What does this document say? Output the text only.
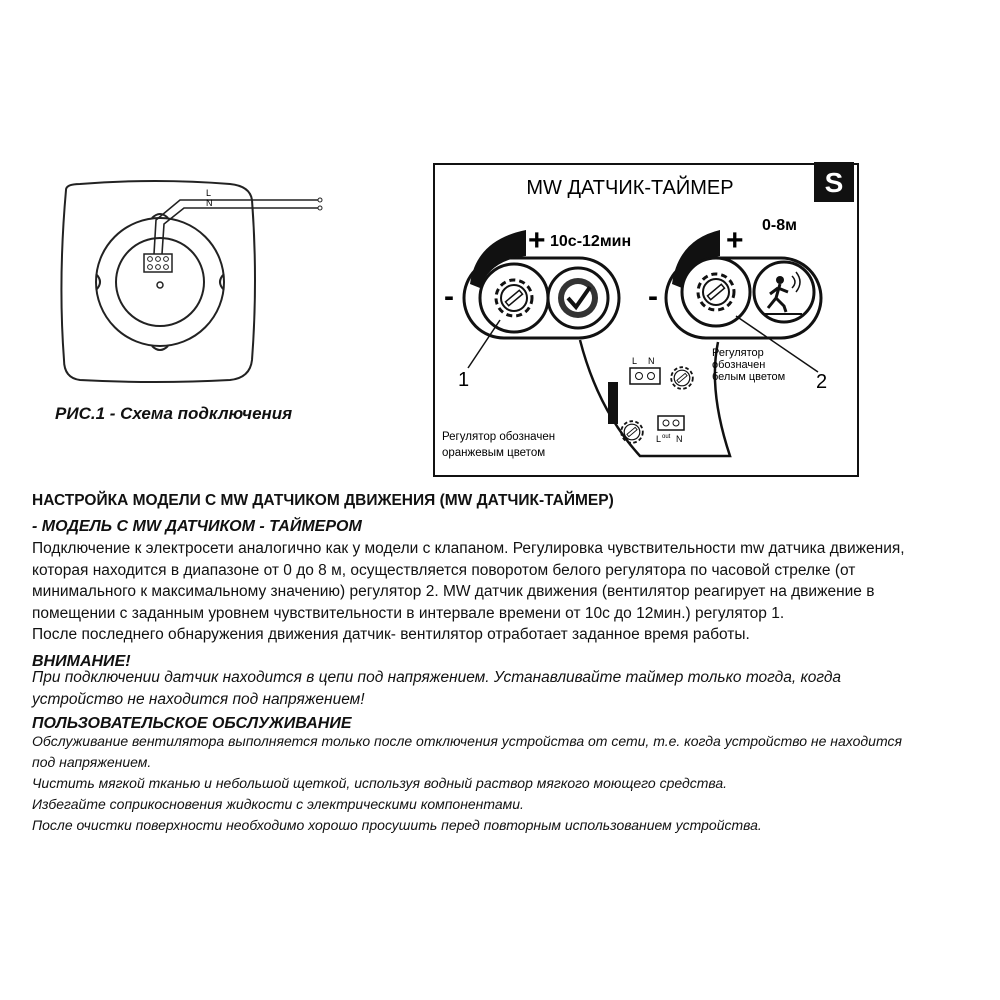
L
N
РИС.1 - Схема подключения
S
MW ДАТЧИК-ТАЙМЕР
+ 10с-12мин
-
+ 0-8м
-
1	2
L N
L out N
Регулятор
обозначен
белым цветом
Регулятор обозначен
оранжевым цветом
НАСТРОЙКА МОДЕЛИ С MW ДАТЧИКОМ ДВИЖЕНИЯ (MW ДАТЧИК-ТАЙМЕР)
- МОДЕЛЬ С MW ДАТЧИКОМ - ТАЙМЕРОМ
Подключение к электросети аналогично как у модели с клапаном. Регулировка чувствительности mw датчика движения,
которая находится в диапазоне от 0 до 8 м, осуществляется поворотом белого регулятора по часовой стрелке (от
минимального к максимальному значению) регулятор 2. MW датчик движения (вентилятор реагирует на движение в
помещении с заданным уровнем чувствительности в интервале времени от 10с до 12мин.) регулятор 1.
После последнего обнаружения движения датчик- вентилятор отработает заданное время работы.
ВНИМАНИЕ!
При подключении датчик находится в цепи под напряжением. Устанавливайте таймер только тогда, когда
устройство не находится под напряжением!
ПОЛЬЗОВАТЕЛЬСКОЕ ОБСЛУЖИВАНИЕ
Обслуживание вентилятора выполняется только после отключения устройства от сети, т.е. когда устройство не находится
под напряжением.
Чистить мягкой тканью и небольшой щеткой, используя водный раствор мягкого моющего средства.
Избегайте соприкосновения жидкости с электрическими компонентами.
После очистки поверхности необходимо хорошо просушить перед повторным использованием устройства.
